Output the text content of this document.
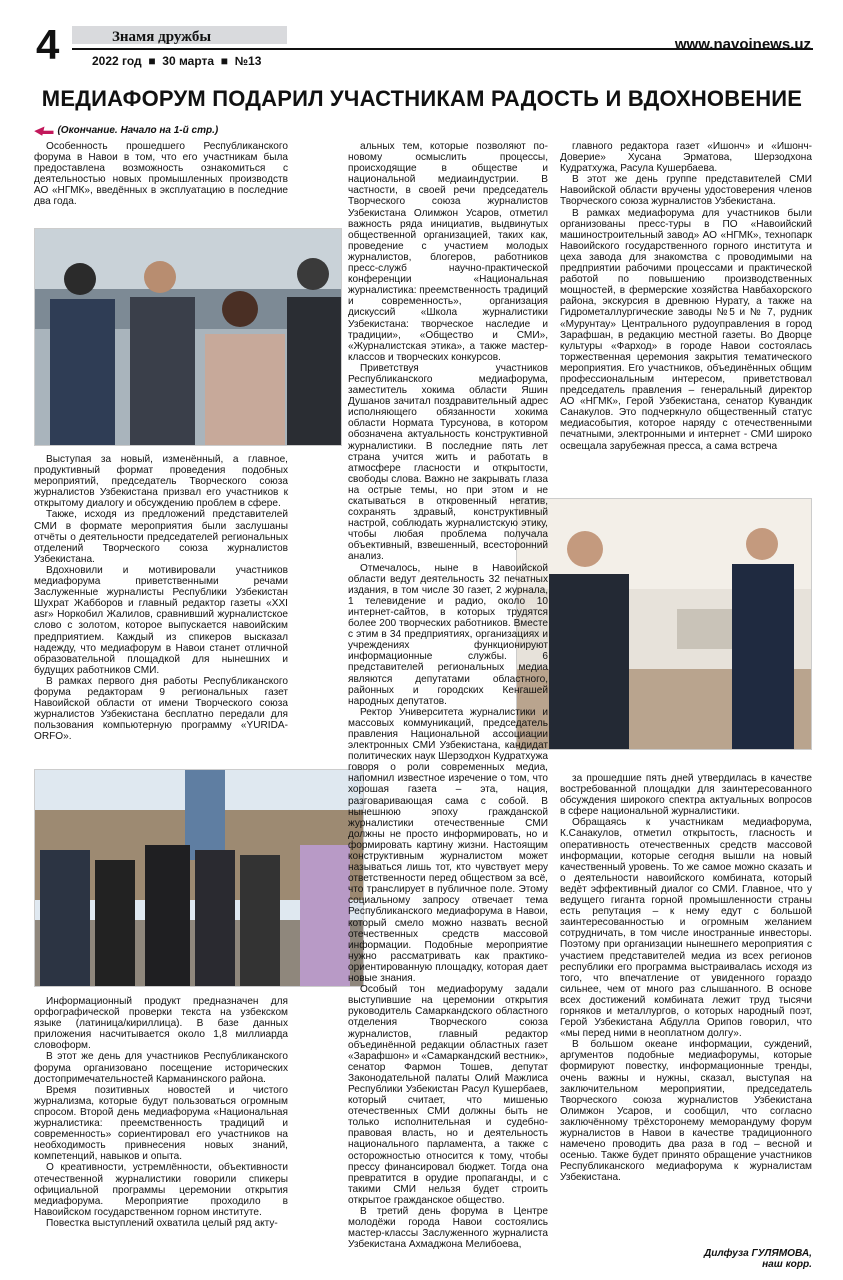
4	Знамя дружбы
2022 год ■ 30 марта ■ №13
www.navoinews.uz
МЕДИАФОРУМ ПОДАРИЛ УЧАСТНИКАМ РАДОСТЬ И ВДОХНОВЕНИЕ
◀▬ (Окончание. Начало на 1-й стр.)

Особенность прошедшего Республиканского форума в Навои в том, что его участникам была предоставлена возможность ознакомиться с деятельностью новых промышленных производств АО «НГМК», введённых в эксплуатацию в последние два года.

Выступая за новый, изменённый, а главное, продуктивный формат проведения подобных мероприятий, председатель Творческого союза журналистов Узбекистана призвал его участников к открытому диалогу и обсуждению проблем в сфере.

Также, исходя из предложений представителей СМИ в формате мероприятия были заслушаны отчёты о деятельности председателей региональных отделений Творческого союза журналистов Узбекистана.

Вдохновили и мотивировали участников медиафорума приветственными речами Заслуженные журналисты Республики Узбекистан Шухрат Жабборов и главный редактор газеты «XXI аsr» Норкобил Жалилов, сравнивший журналистское слово с золотом, которое выпускается навоийским предприятием. Каждый из спикеров высказал надежду, что медиафорум в Навои станет отличной образовательной площадкой для нынешних и будущих работников СМИ.

В рамках первого дня работы Республиканского форума редакторам 9 региональных газет Навоийской области от имени Творческого союза журналистов Узбекистана бесплатно передали для пользования компьютерную программу «YURIDA-ORFO».

Информационный продукт предназначен для орфографической проверки текста на узбекском языке (латиница/кириллица). В базе данных приложения насчитывается около 1,8 миллиарда словоформ.

В этот же день для участников Республиканского форума организовано посещение исторических достопримечательностей Карманинского района.

Время позитивных новостей и чистого журнализма, которые будут пользоваться огромным спросом. Второй день медиафорума «Национальная журналистика: преемственность традиций и современность» сориентировал его участников на необходимость привнесения новых знаний, компетенций, навыков и опыта.

О креативности, устремлённости, объективности отечественной журналистики говорили спикеры официальной программы церемонии открытия медиафорума. Мероприятие проходило в Навоийском государственном горном институте.

Повестка выступлений охватила целый ряд акту-

альных тем, которые позволяют по-новому осмыслить процессы, происходящие в обществе и национальной медиаиндустрии. В частности, в своей речи председатель Творческого союза журналистов Узбекистана Олимжон Усаров, отметил важность ряда инициатив, выдвинутых общественной организацией, таких как, проведение с участием молодых журналистов, блогеров, работников пресс-служб научно-практической конференции «Национальная журналистика: преемственность традиций и современность», организация дискуссий «Школа журналистики Узбекистана: творческое наследие и традиции», «Общество и СМИ», «Журналистская этика», а также мастер-классов и творческих конкурсов.

Приветствуя участников Республиканского медиафорума, заместитель хокима области Яшин Душанов зачитал поздравительный адрес исполняющего обязанности хокима области Нормата Турсунова, в котором обозначена актуальность конструктивной журналистики. В последние пять лет страна учится жить и работать в атмосфере гласности и открытости, свободы слова. Важно не закрывать глаза на острые темы, но при этом и не скатываться в откровенный негатив, сохранять здравый, конструктивный настрой, соблюдать журналистскую этику, чтобы любая проблема получала объективный, взвешенный, всесторонний анализ.

Отмечалось, ныне в Навоийской области ведут деятельность 32 печатных издания, в том числе 30 газет, 2 журнала, 1 телевидение и радио, около 10 интернет-сайтов, в которых трудятся более 200 творческих работников. Вместе с этим в 34 предприятиях, организациях и учреждениях функционируют информационные службы. 6 представителей региональных медиа являются депутатами областного, районных и городских Кенгашей народных депутатов.

Ректор Университета журналистики и массовых коммуникаций, председатель правления Национальной ассоциации электронных СМИ Узбекистана, кандидат политических наук Шерзодхон Кудратхужа говоря о роли современных медиа, напомнил известное изречение о том, что хорошая газета – эта, нация, разговаривающая сама с собой. В нынешнюю эпоху гражданской журналистики отечественные СМИ должны не просто информировать, но и формировать картину жизни. Настоящим конструктивным журналистом может называться лишь тот, кто чувствует меру ответственности перед обществом за всё, что транслирует в публичное поле. Этому социальному запросу отвечает тема Республиканского медиафорума в Навои, который смело можно назвать весной отечественных средств массовой информации. Подобные мероприятие нужно рассматривать как практико-ориентированную площадку, которая дает новые знания.

Особый тон медиафоруму задали выступившие на церемонии открытия руководитель Самаркандского областного отделения Творческого союза журналистов, главный редактор объединённой редакции областных газет «Зарафшон» и «Самаркандский вестник», сенатор Фармон Тошев, депутат Законодательной палаты Олий Мажлиса Республики Узбекистан Расул Кушербаев, который считает, что мишенью отечественных СМИ должны быть не только исполнительная и судебно-правовая власть, но и деятельность национального парламента, а также с осторожностью относится к тому, чтобы прессу финансировал бюджет. Тогда она превратится в орудие пропаганды, и с такими СМИ нельзя будет строить открытое гражданское общество.

В третий день форума в Центре молодёжи города Навои состоялись мастер-классы Заслуженного журналиста Узбекистана Ахмаджона Мелибоева,

главного редактора газет «Ишонч» и «Ишонч-Доверие» Хусана Эрматова, Шерзодхона Кудратхужа, Расула Кушербаева.

В этот же день группе представителей СМИ Навоийской области вручены удостоверения членов Творческого союза журналистов Узбекистана.

В рамках медиафорума для участников были организованы пресс-туры в ПО «Навоийский машиностроительный завод» АО «НГМК», технопарк Навоийского государственного горного института и цеха завода для знакомства с проводимыми на предприятии рабочими процессами и практической работой по повышению производственных мощностей, в фермерские хозяйства Навбахорского района, экскурсия в древнюю Нурату, а также на Гидрометаллургические заводы №5 и № 7, рудник «Мурунтау» Центрального рудоуправления в город Зарафшан, в редакцию местной газеты. Во Дворце культуры «Фарход» в городе Навои состоялась торжественная церемония закрытия тематического мероприятия. Его участников, объединённых общим профессиональным интересом, приветствовал председатель правления – генеральный директор АО «НГМК», Герой Узбекистана, сенатор Кувандик Санакулов. Это подчеркнуло общественный статус медиасобытия, которое наряду с отечественными печатными, электронными и интернет - СМИ широко освещала зарубежная пресса, а сама встреча

за прошедшие пять дней утвердилась в качестве востребованной площадки для заинтересованного обсуждения широкого спектра актуальных вопросов в сфере национальной журналистики.

Обращаясь к участникам медиафорума, К.Санакулов, отметил открытость, гласность и оперативность отечественных средств массовой информации, которые сегодня вышли на новый качественный уровень. То же самое можно сказать и о деятельности навоийского комбината, который ведёт эффективный диалог со СМИ. Главное, что у ведущего гиганта горной промышленности страны есть репутация – к нему едут с большой заинтересованностью и огромным желанием сотрудничать, в том числе иностранные инвесторы. Поэтому при организации нынешнего мероприятия с участием представителей медиа из всех регионов республики его программа выстраивалась исходя из того, что впечатление от увиденного гораздо сильнее, чем от много раз слышанного. В основе всех достижений комбината лежит труд тысячи горняков и металлургов, о которых народный поэт, Герой Узбекистана Абдулла Орипов говорил, что «мы перед ними в неоплатном долгу».

В большом океане информации, суждений, аргументов подобные медиафорумы, которые формируют повестку, информационные тренды, очень важны и нужны, сказал, выступая на заключительном мероприятии, председатель Творческого союза журналистов Узбекистана Олимжон Усаров, и сообщил, что согласно заключённому трёхсторонему меморандуму форум журналистов в Навои в качестве традиционного намечено проводить два раза в год – весной и осенью. Также будет принято обращение участников Республиканского медиафорума к журналистам Узбекистана.

Дилфуза ГУЛЯМОВА,
наш корр.
